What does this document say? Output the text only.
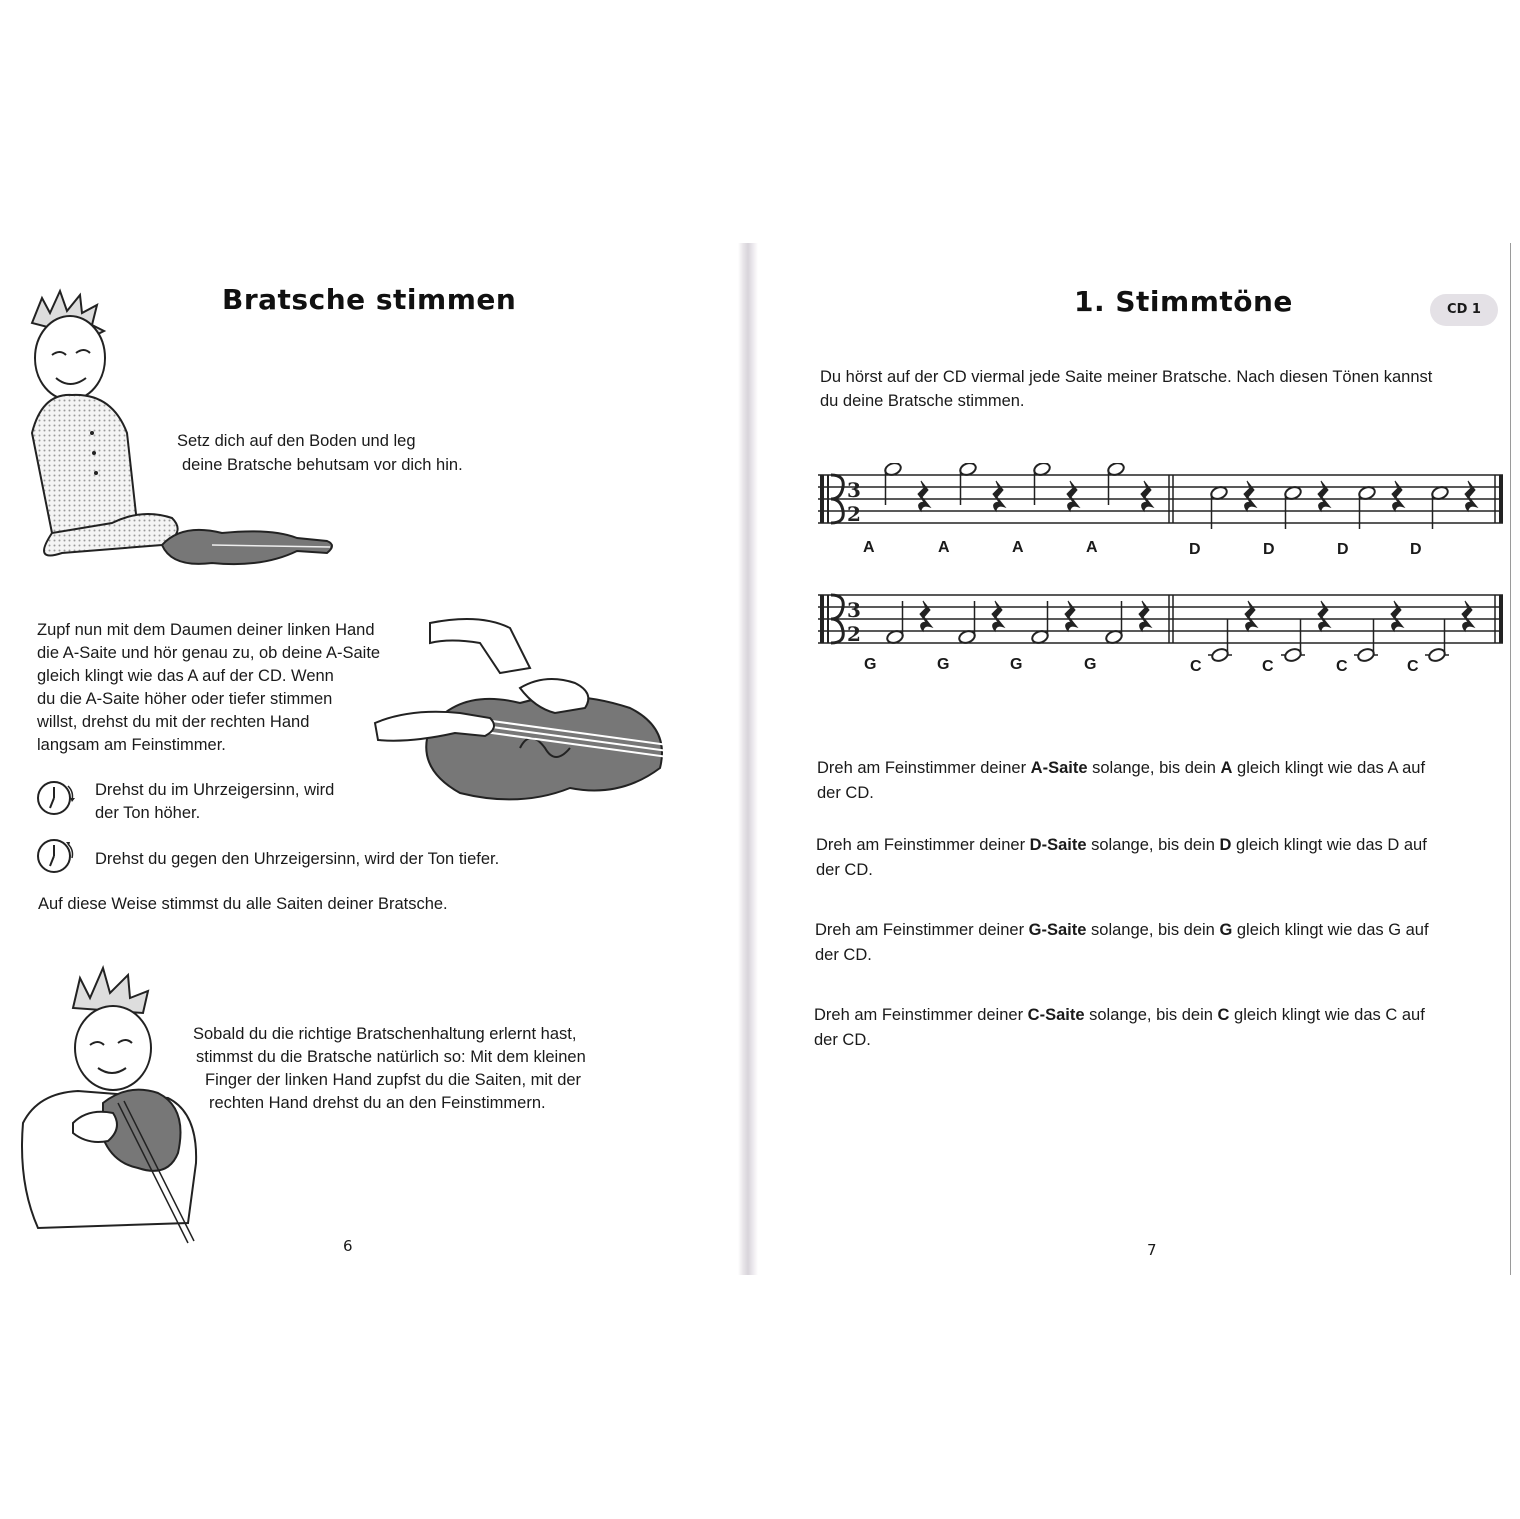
Bratsche stimmen

Setz dich auf den Boden und leg

deine Bratsche behutsam vor dich hin.

Zupf nun mit dem Daumen deiner linken Hand

die A-Saite und hör genau zu, ob deine A-Saite

gleich klingt wie das A auf der CD. Wenn

du die A-Saite höher oder tiefer stimmen

willst, drehst du mit der rechten Hand

langsam am Feinstimmer.

Drehst du im Uhrzeigersinn, wird

der Ton höher.

Drehst du gegen den Uhrzeigersinn, wird der Ton tiefer.

Auf diese Weise stimmst du alle Saiten deiner Bratsche.

Sobald du die richtige Bratschenhaltung erlernt hast,

stimmst du die Bratsche natürlich so: Mit dem kleinen

Finger der linken Hand zupfst du die Saiten, mit der

rechten Hand drehst du an den Feinstimmern.

6
1. Stimmtöne	CD 1

Du hörst auf der CD viermal jede Saite meiner Bratsche. Nach diesen Tönen kannst

du deine Bratsche stimmen.

3
2
A	A	A	A	D	D	D	D
3
2
G	G	G	G	C	C	C	C

Dreh am Feinstimmer deiner A-Saite solange, bis dein A gleich klingt wie das A auf

der CD.

Dreh am Feinstimmer deiner D-Saite solange, bis dein D gleich klingt wie das D auf

der CD.

Dreh am Feinstimmer deiner G-Saite solange, bis dein G gleich klingt wie das G auf

der CD.

Dreh am Feinstimmer deiner C-Saite solange, bis dein C gleich klingt wie das C auf

der CD.

7
